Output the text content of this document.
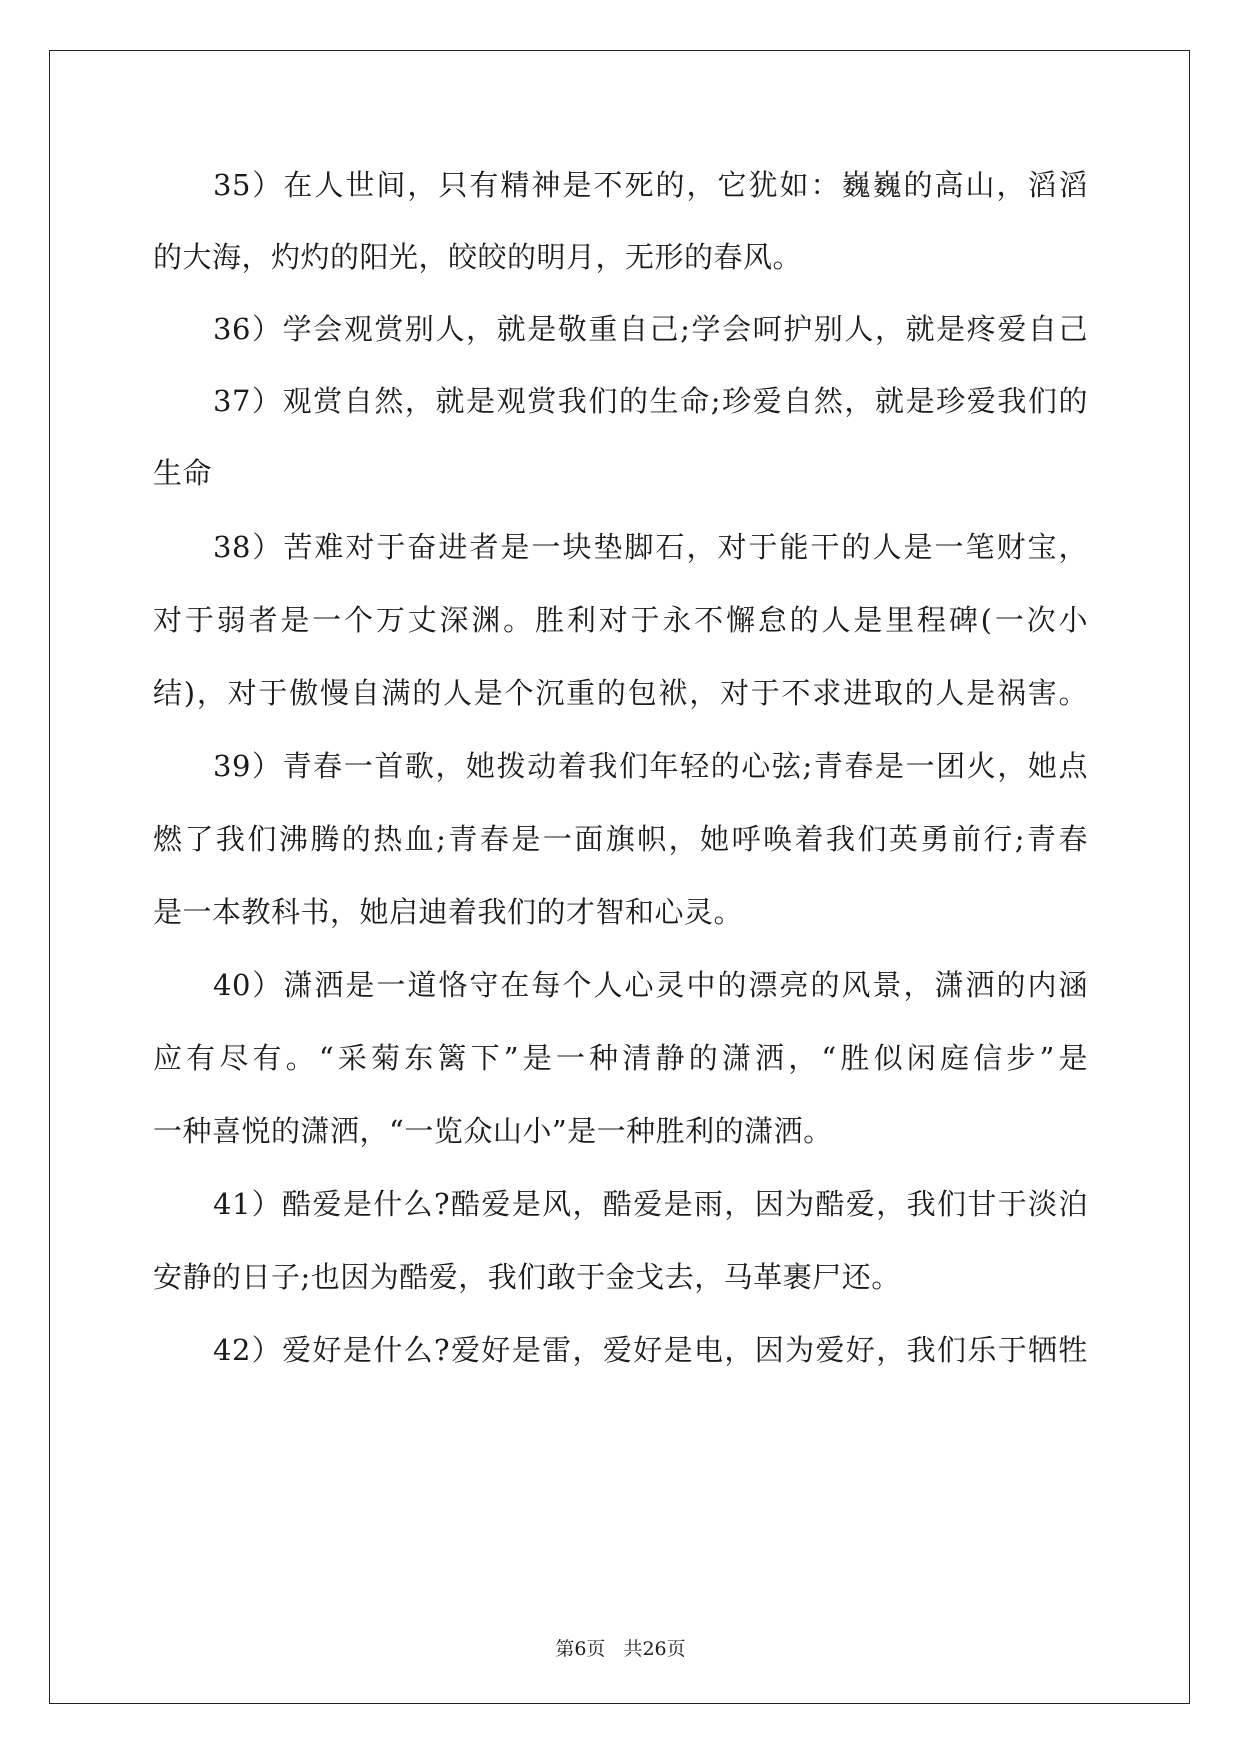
35）在人世间，只有精神是不死的，它犹如：巍巍的高山，滔滔
的大海，灼灼的阳光，皎皎的明月，无形的春风。
36）学会观赏别人，就是敬重自己;学会呵护别人，就是疼爱自己
37）观赏自然，就是观赏我们的生命;珍爱自然，就是珍爱我们的
生命
38）苦难对于奋进者是一块垫脚石，对于能干的人是一笔财宝，
对于弱者是一个万丈深渊。胜利对于永不懈怠的人是里程碑(一次小
结)，对于傲慢自满的人是个沉重的包袱，对于不求进取的人是祸害。
39）青春一首歌，她拨动着我们年轻的心弦;青春是一团火，她点
燃了我们沸腾的热血;青春是一面旗帜，她呼唤着我们英勇前行;青春
是一本教科书，她启迪着我们的才智和心灵。
40）潇洒是一道恪守在每个人心灵中的漂亮的风景，潇洒的内涵
应有尽有。“采菊东篱下”是一种清静的潇洒，“胜似闲庭信步”是
一种喜悦的潇洒，“一览众山小”是一种胜利的潇洒。
41）酷爱是什么?酷爱是风，酷爱是雨，因为酷爱，我们甘于淡泊
安静的日子;也因为酷爱，我们敢于金戈去，马革裹尸还。
42）爱好是什么?爱好是雷，爱好是电，因为爱好，我们乐于牺牲
第6页 共26页
